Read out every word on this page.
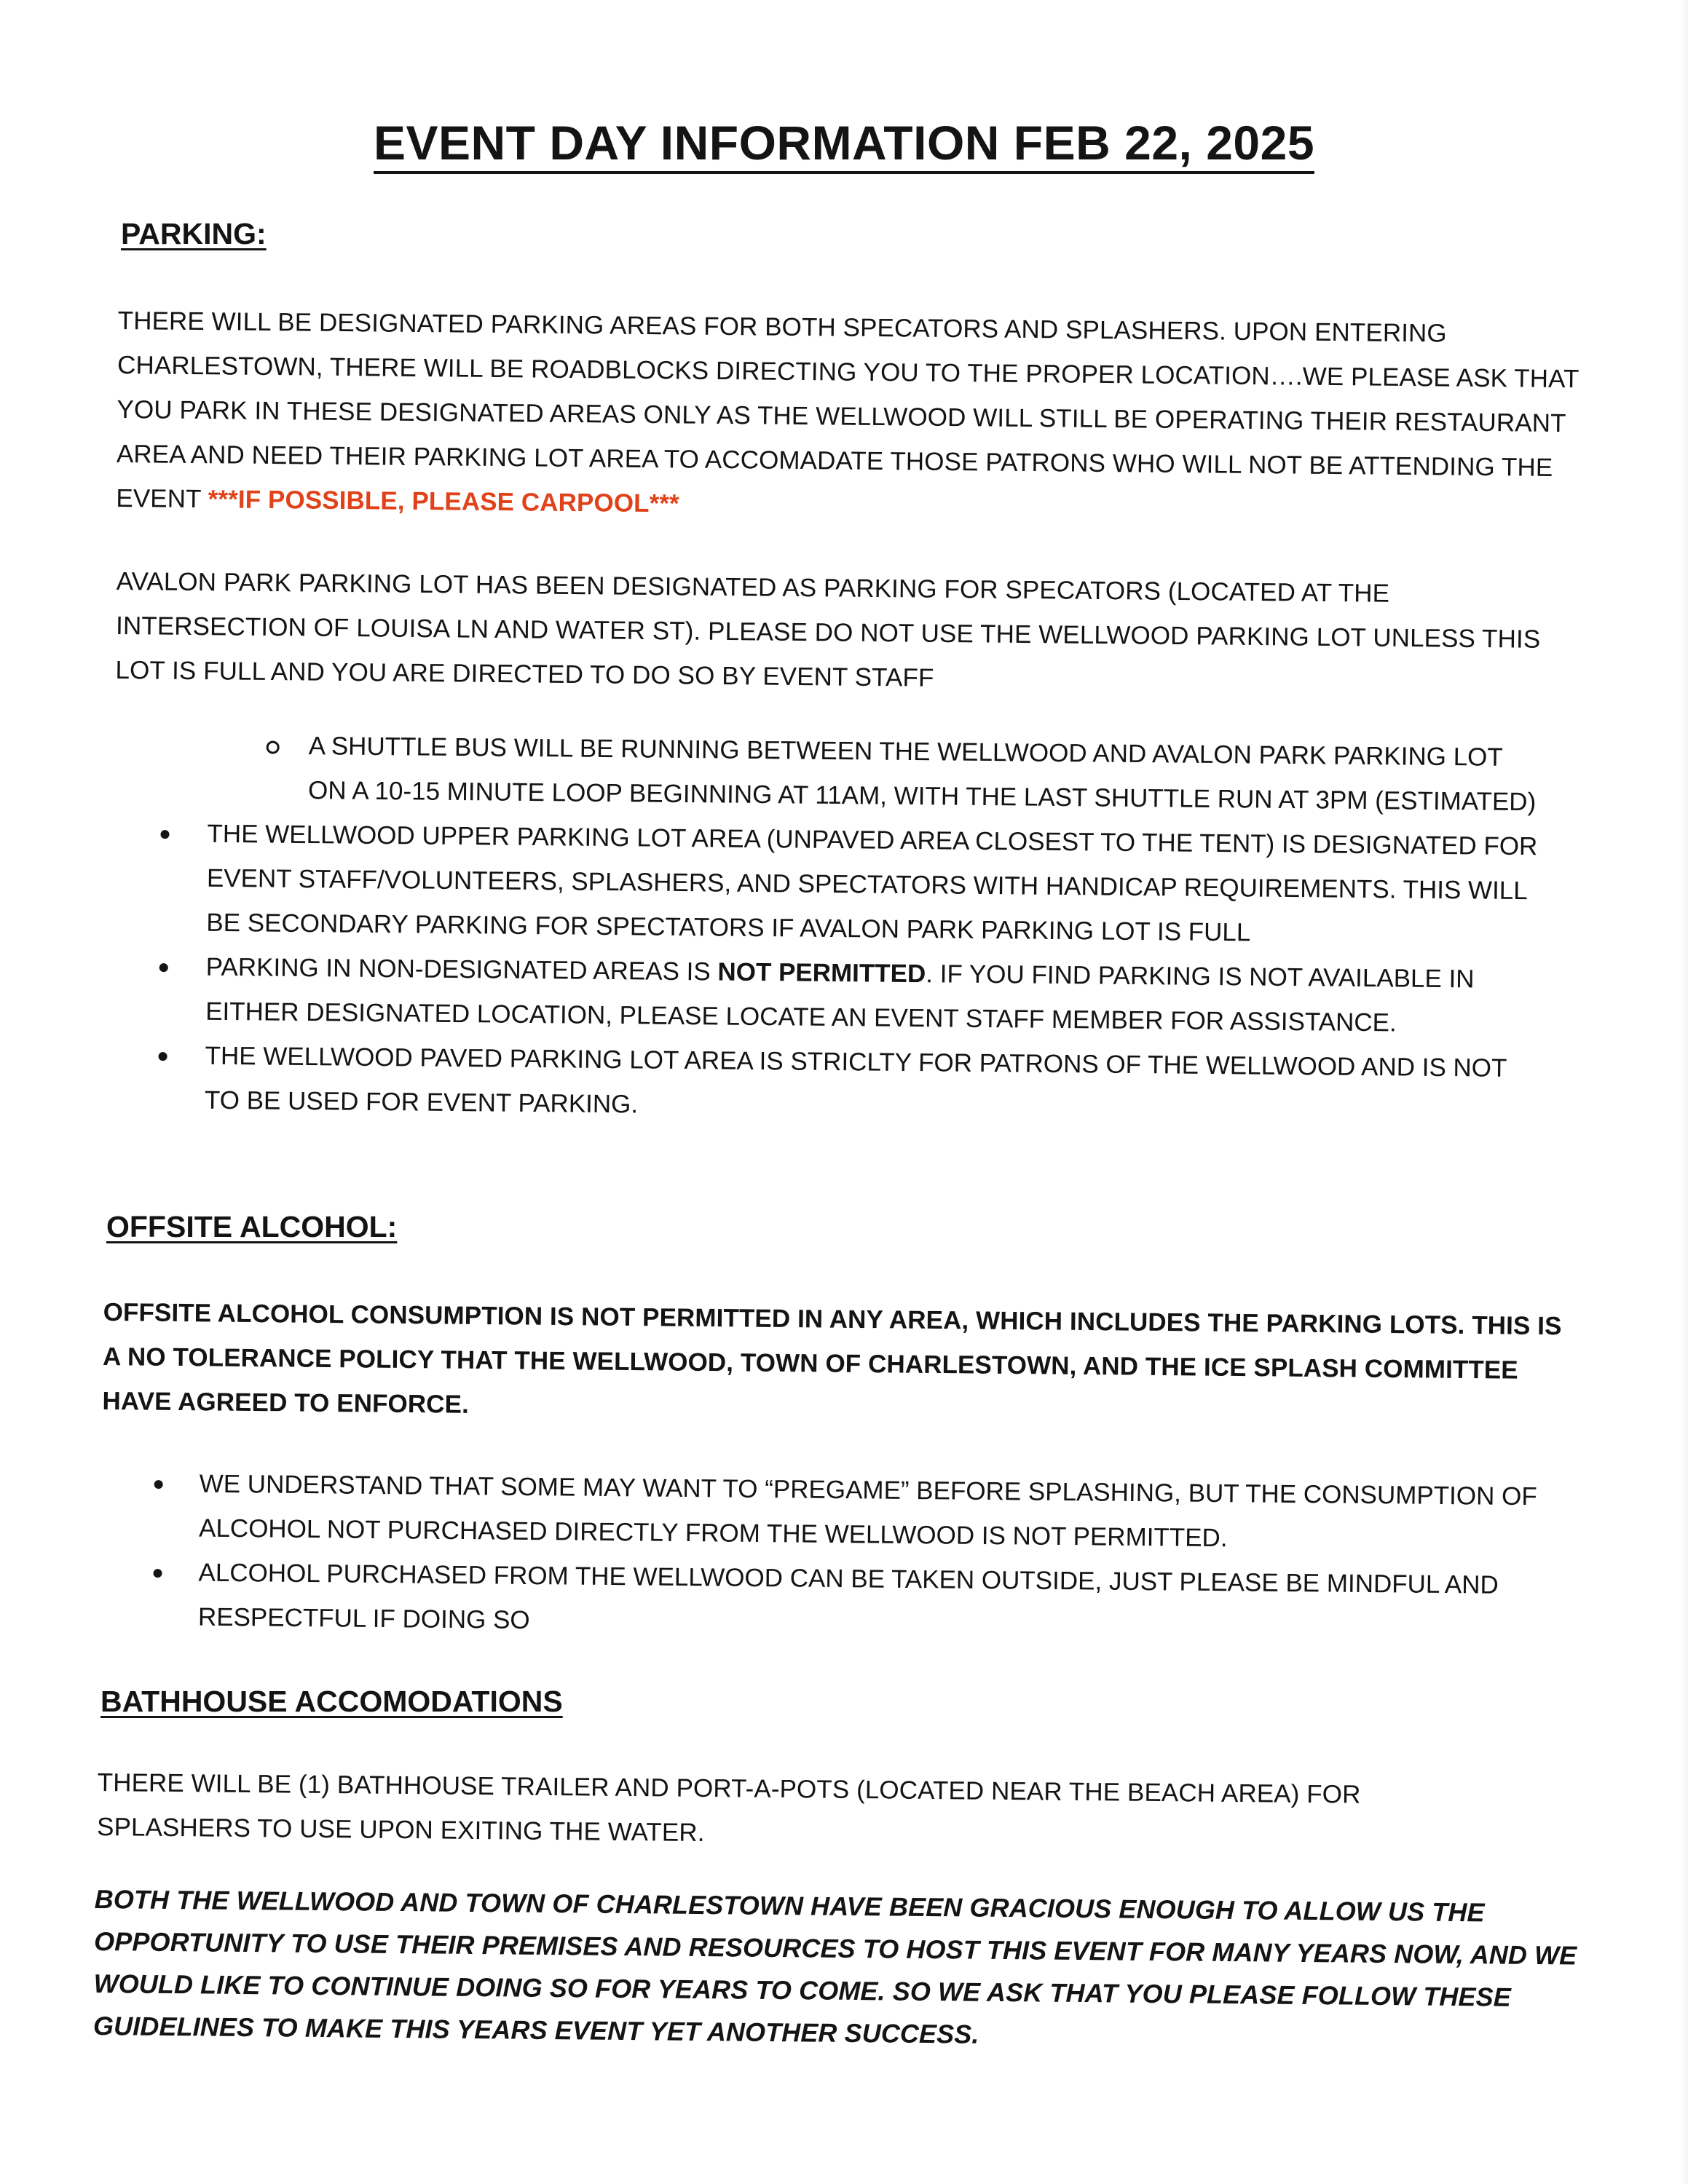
EVENT DAY INFORMATION FEB 22, 2025
PARKING:
THERE WILL BE DESIGNATED PARKING AREAS FOR BOTH SPECATORS AND SPLASHERS. UPON ENTERING CHARLESTOWN, THERE WILL BE ROADBLOCKS DIRECTING YOU TO THE PROPER LOCATION….WE PLEASE ASK THAT YOU PARK IN THESE DESIGNATED AREAS ONLY AS THE WELLWOOD WILL STILL BE OPERATING THEIR RESTAURANT AREA AND NEED THEIR PARKING LOT AREA TO ACCOMADATE THOSE PATRONS WHO WILL NOT BE ATTENDING THE EVENT ***IF POSSIBLE, PLEASE CARPOOL***
AVALON PARK PARKING LOT HAS BEEN DESIGNATED AS PARKING FOR SPECATORS (LOCATED AT THE INTERSECTION OF LOUISA LN AND WATER ST). PLEASE DO NOT USE THE WELLWOOD PARKING LOT UNLESS THIS LOT IS FULL AND YOU ARE DIRECTED TO DO SO BY EVENT STAFF
A SHUTTLE BUS WILL BE RUNNING BETWEEN THE WELLWOOD AND AVALON PARK PARKING LOT ON A 10-15 MINUTE LOOP BEGINNING AT 11AM, WITH THE LAST SHUTTLE RUN AT 3PM (ESTIMATED)
THE WELLWOOD UPPER PARKING LOT AREA (UNPAVED AREA CLOSEST TO THE TENT) IS DESIGNATED FOR EVENT STAFF/VOLUNTEERS, SPLASHERS, AND SPECTATORS WITH HANDICAP REQUIREMENTS. THIS WILL BE SECONDARY PARKING FOR SPECTATORS IF AVALON PARK PARKING LOT IS FULL
PARKING IN NON-DESIGNATED AREAS IS NOT PERMITTED. IF YOU FIND PARKING IS NOT AVAILABLE IN EITHER DESIGNATED LOCATION, PLEASE LOCATE AN EVENT STAFF MEMBER FOR ASSISTANCE.
THE WELLWOOD PAVED PARKING LOT AREA IS STRICLTY FOR PATRONS OF THE WELLWOOD AND IS NOT TO BE USED FOR EVENT PARKING.
OFFSITE ALCOHOL:
OFFSITE ALCOHOL CONSUMPTION IS NOT PERMITTED IN ANY AREA, WHICH INCLUDES THE PARKING LOTS. THIS IS A NO TOLERANCE POLICY THAT THE WELLWOOD, TOWN OF CHARLESTOWN, AND THE ICE SPLASH COMMITTEE HAVE AGREED TO ENFORCE.
WE UNDERSTAND THAT SOME MAY WANT TO “PREGAME” BEFORE SPLASHING, BUT THE CONSUMPTION OF ALCOHOL NOT PURCHASED DIRECTLY FROM THE WELLWOOD IS NOT PERMITTED.
ALCOHOL PURCHASED FROM THE WELLWOOD CAN BE TAKEN OUTSIDE, JUST PLEASE BE MINDFUL AND RESPECTFUL IF DOING SO
BATHHOUSE ACCOMODATIONS
THERE WILL BE (1) BATHHOUSE TRAILER AND PORT-A-POTS (LOCATED NEAR THE BEACH AREA) FOR SPLASHERS TO USE UPON EXITING THE WATER.
BOTH THE WELLWOOD AND TOWN OF CHARLESTOWN HAVE BEEN GRACIOUS ENOUGH TO ALLOW US THE OPPORTUNITY TO USE THEIR PREMISES AND RESOURCES TO HOST THIS EVENT FOR MANY YEARS NOW, AND WE WOULD LIKE TO CONTINUE DOING SO FOR YEARS TO COME. SO WE ASK THAT YOU PLEASE FOLLOW THESE GUIDELINES TO MAKE THIS YEARS EVENT YET ANOTHER SUCCESS.
